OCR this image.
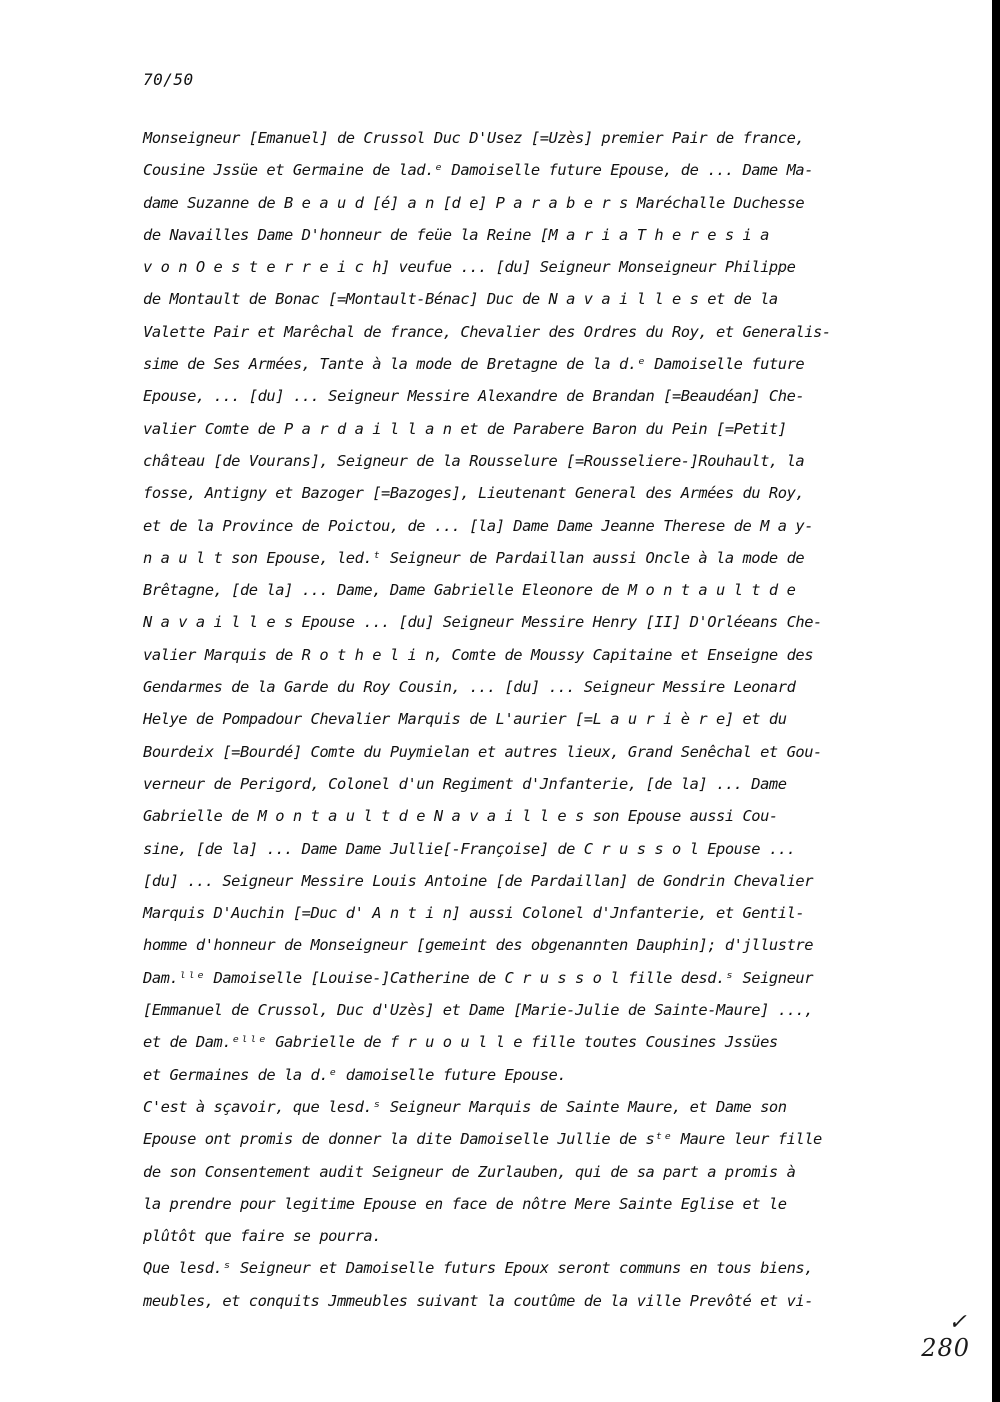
70/50
Monseigneur [Emanuel] de Crussol Duc D'Usez [=Uzès] premier Pair de france,
Cousine Jssüe et Germaine de lad.ᵉ Damoiselle future Epouse, de ... Dame Ma-
dame Suzanne de B e a u d [é] a n [d e] P a r a b e r s Maréchalle Duchesse
de Navailles Dame D'honneur de feüe la Reine [M a r i a T h e r e s i a
v o n O e s t e r r e i c h] veufue ... [du] Seigneur Monseigneur Philippe
de Montault de Bonac [=Montault-Bénac] Duc de N a v a i l l e s et de la
Valette Pair et Marêchal de france, Chevalier des Ordres du Roy, et Generalis-
sime de Ses Armées, Tante à la mode de Bretagne de la d.ᵉ Damoiselle future
Epouse, ... [du] ... Seigneur Messire Alexandre de Brandan [=Beaudéan] Che-
valier Comte de P a r d a i l l a n et de Parabere Baron du Pein [=Petit]
château [de Vourans], Seigneur de la Rousselure [=Rousseliere-]Rouhault, la
fosse, Antigny et Bazoger [=Bazoges], Lieutenant General des Armées du Roy,
et de la Province de Poictou, de ... [la] Dame Dame Jeanne Therese de M a y-
n a u l t son Epouse, led.ᵗ Seigneur de Pardaillan aussi Oncle à la mode de
Brêtagne, [de la] ... Dame, Dame Gabrielle Eleonore de M o n t a u l t d e
N a v a i l l e s Epouse ... [du] Seigneur Messire Henry [II] D'Orléeans Che-
valier Marquis de R o t h e l i n, Comte de Moussy Capitaine et Enseigne des
Gendarmes de la Garde du Roy Cousin, ... [du] ... Seigneur Messire Leonard
Helye de Pompadour Chevalier Marquis de L'aurier [=L a u r i è r e] et du
Bourdeix [=Bourdé] Comte du Puymielan et autres lieux, Grand Senêchal et Gou-
verneur de Perigord, Colonel d'un Regiment d'Jnfanterie, [de la] ... Dame
Gabrielle de M o n t a u l t d e N a v a i l l e s son Epouse aussi Cou-
sine, [de la] ... Dame Dame Jullie[-Françoise] de C r u s s o l Epouse ...
[du] ... Seigneur Messire Louis Antoine [de Pardaillan] de Gondrin Chevalier
Marquis D'Auchin [=Duc d' A n t i n] aussi Colonel d'Jnfanterie, et Gentil-
homme d'honneur de Monseigneur [gemeint des obgenannten Dauphin]; d'jllustre
Dam.ˡˡᵉ Damoiselle [Louise-]Catherine de C r u s s o l fille desd.ˢ Seigneur
[Emmanuel de Crussol, Duc d'Uzès] et Dame [Marie-Julie de Sainte-Maure] ...,
et de Dam.ᵉˡˡᵉ Gabrielle de f r u o u l l e fille toutes Cousines Jssües
et Germaines de la d.ᵉ damoiselle future Epouse.
C'est à sçavoir, que lesd.ˢ Seigneur Marquis de Sainte Maure, et Dame son
Epouse ont promis de donner la dite Damoiselle Jullie de sᵗᵉ Maure leur fille
de son Consentement audit Seigneur de Zurlauben, qui de sa part a promis à
la prendre pour legitime Epouse en face de nôtre Mere Sainte Eglise et le
plûtôt que faire se pourra.
Que lesd.ˢ Seigneur et Damoiselle futurs Epoux seront communs en tous biens,
meubles, et conquits Jmmeubles suivant la coutûme de la ville Prevôté et vi-
✓
280
